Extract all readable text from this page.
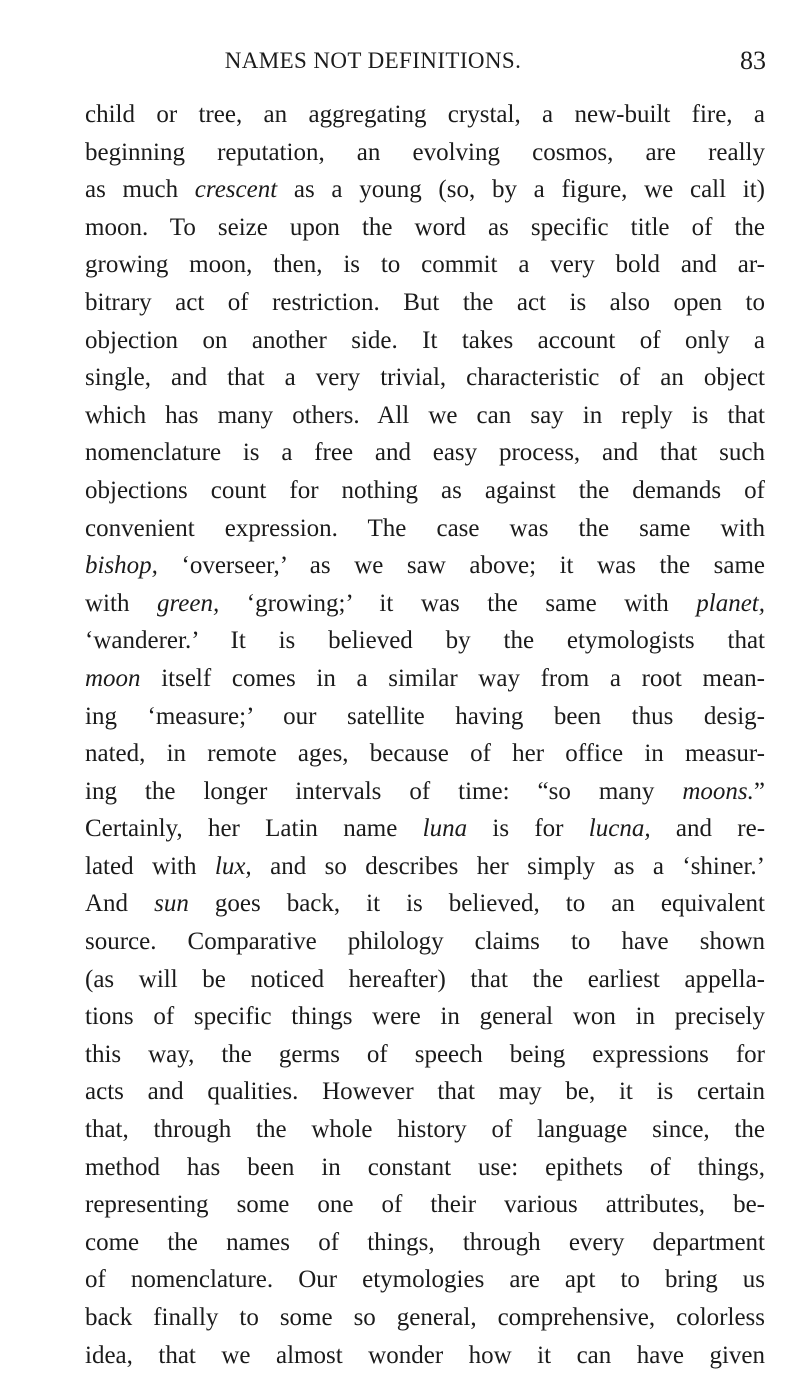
NAMES NOT DEFINITIONS.	83
child or tree, an aggregating crystal, a new-built fire, a
beginning reputation, an evolving cosmos, are really
as much crescent as a young (so, by a figure, we call it)
moon. To seize upon the word as specific title of the
growing moon, then, is to commit a very bold and ar-
bitrary act of restriction. But the act is also open to
objection on another side. It takes account of only a
single, and that a very trivial, characteristic of an object
which has many others. All we can say in reply is that
nomenclature is a free and easy process, and that such
objections count for nothing as against the demands of
convenient expression. The case was the same with
bishop, ‘overseer,’ as we saw above; it was the same
with green, ‘growing;’ it was the same with planet,
‘wanderer.’ It is believed by the etymologists that
moon itself comes in a similar way from a root mean-
ing ‘measure;’ our satellite having been thus desig-
nated, in remote ages, because of her office in measur-
ing the longer intervals of time: “so many moons.”
Certainly, her Latin name luna is for lucna, and re-
lated with lux, and so describes her simply as a ‘shiner.’
And sun goes back, it is believed, to an equivalent
source. Comparative philology claims to have shown
(as will be noticed hereafter) that the earliest appella-
tions of specific things were in general won in precisely
this way, the germs of speech being expressions for
acts and qualities. However that may be, it is certain
that, through the whole history of language since, the
method has been in constant use: epithets of things,
representing some one of their various attributes, be-
come the names of things, through every department
of nomenclature. Our etymologies are apt to bring us
back finally to some so general, comprehensive, colorless
idea, that we almost wonder how it can have given
